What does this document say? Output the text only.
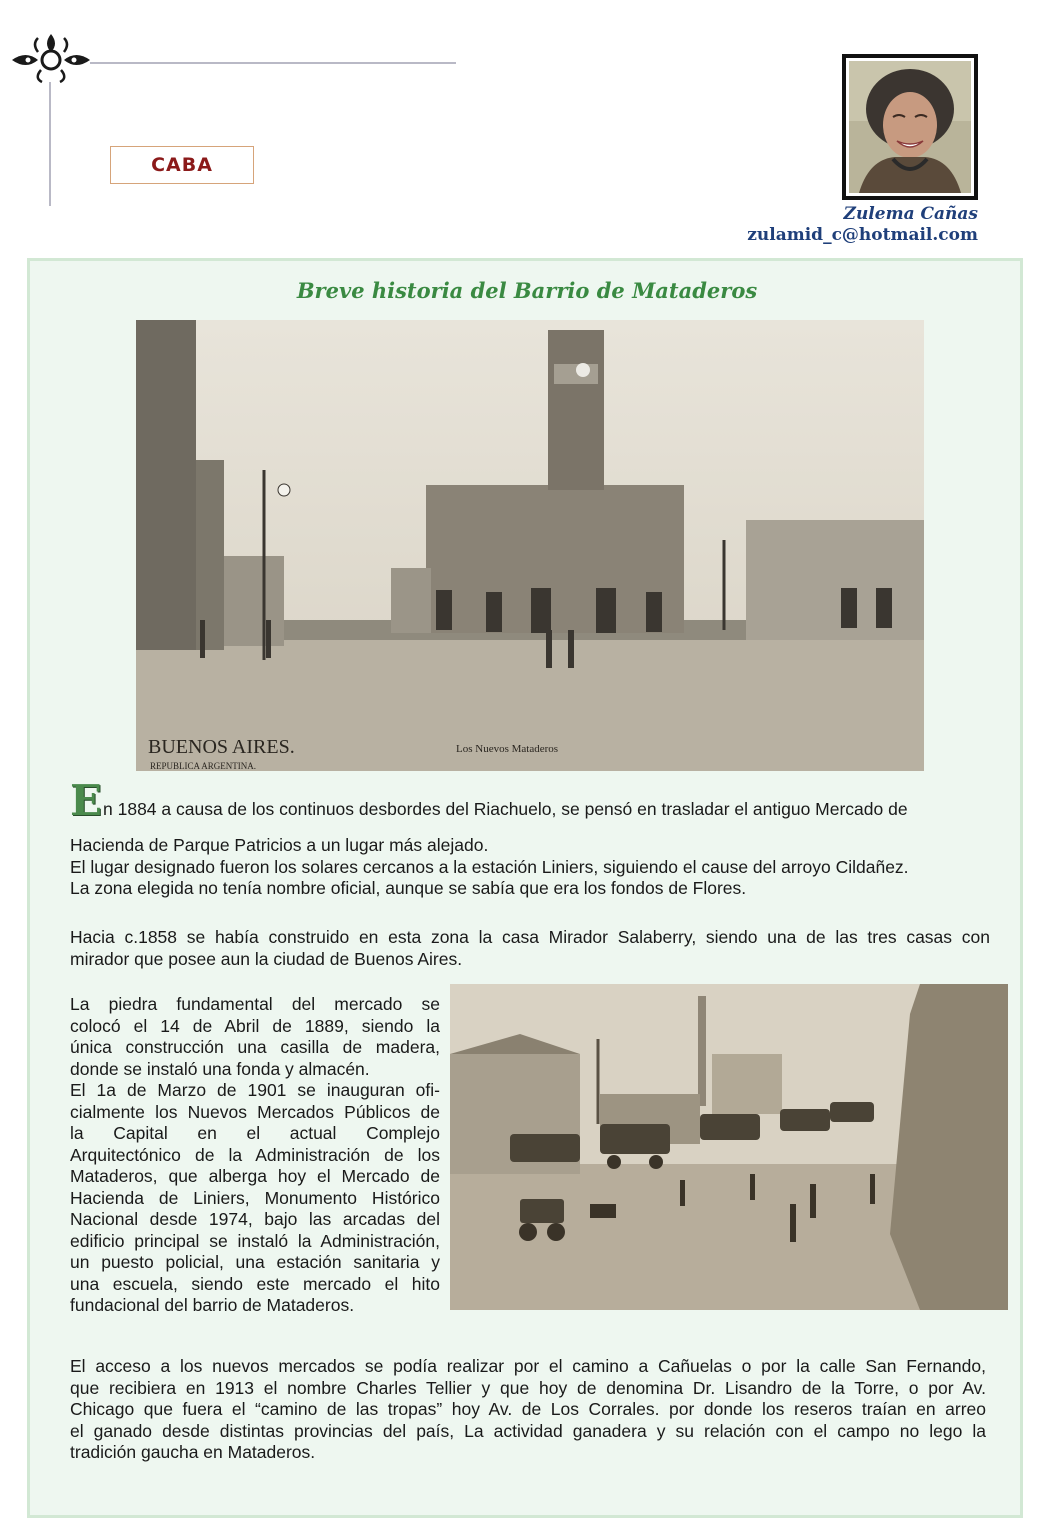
CABA
Zulema Cañas
zulamid_c@hotmail.com
Breve historia del Barrio de Mataderos
BUENOS AIRES.
REPUBLICA ARGENTINA.
Los Nuevos Mataderos
En 1884 a causa de los continuos desbordes del Riachuelo, se pensó en trasladar el antiguo Mercado de
Hacienda de Parque Patricios a un lugar más alejado.
El lugar designado fueron los solares cercanos a la estación Liniers, siguiendo el cause del arroyo Cildañez.
La zona elegida no tenía nombre oficial, aunque se sabía que era los fondos de Flores.
Hacia c.1858 se había construido en esta zona la casa Mirador Salaberry, siendo una de las tres casas con
mirador que posee aun la ciudad de Buenos Aires.
La piedra fundamental del mercado se
colocó el 14 de Abril de 1889, siendo la
única construcción una casilla de madera,
donde se instaló una fonda y almacén.
El 1a de Marzo de 1901 se inauguran ofi-
cialmente los Nuevos Mercados Públicos de
la Capital en el actual Complejo
Arquitectónico de la Administración de los
Mataderos, que alberga hoy el Mercado de
Hacienda de Liniers, Monumento Histórico
Nacional desde 1974, bajo las arcadas del
edificio principal se instaló la Administración,
un puesto policial, una estación sanitaria y
una escuela, siendo este mercado el hito
fundacional del barrio de Mataderos.
El acceso a los nuevos mercados se podía realizar por el camino a Cañuelas o por la calle San Fernando,
que recibiera en 1913 el nombre Charles Tellier y que hoy de denomina Dr. Lisandro de la Torre, o por Av.
Chicago que fuera el “camino de las tropas” hoy Av. de Los Corrales. por donde los reseros traían en arreo
el ganado desde distintas provincias del país, La actividad ganadera y su relación con el campo no lego la
tradición gaucha en Mataderos.
